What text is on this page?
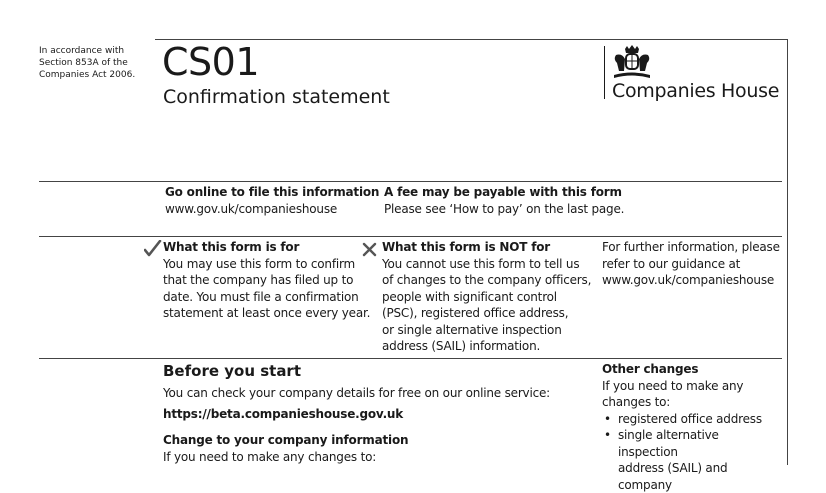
In accordance with
Section 853A of the
Companies Act 2006. CS01
Confirmation statement	Companies House
Go online to file this information
www.gov.uk/companieshouse
A fee may be payable with this form
Please see ‘How to pay’ on the last page.
What this form is for
You may use this form to confirm
that the company has filed up to
date. You must file a confirmation
statement at least once every year.
What this form is NOT for
You cannot use this form to tell us
of changes to the company officers,
people with significant control
(PSC), registered office address,
or single alternative inspection
address (SAIL) information.
For further information, please
refer to our guidance at
www.gov.uk/companieshouse
Before you start
You can check your company details for free on our online service:
https://beta.companieshouse.gov.uk
Change to your company information
If you need to make any changes to:
Other changes
If you need to make any
changes to:
• registered office address
• single alternative inspection
address (SAIL) and company
